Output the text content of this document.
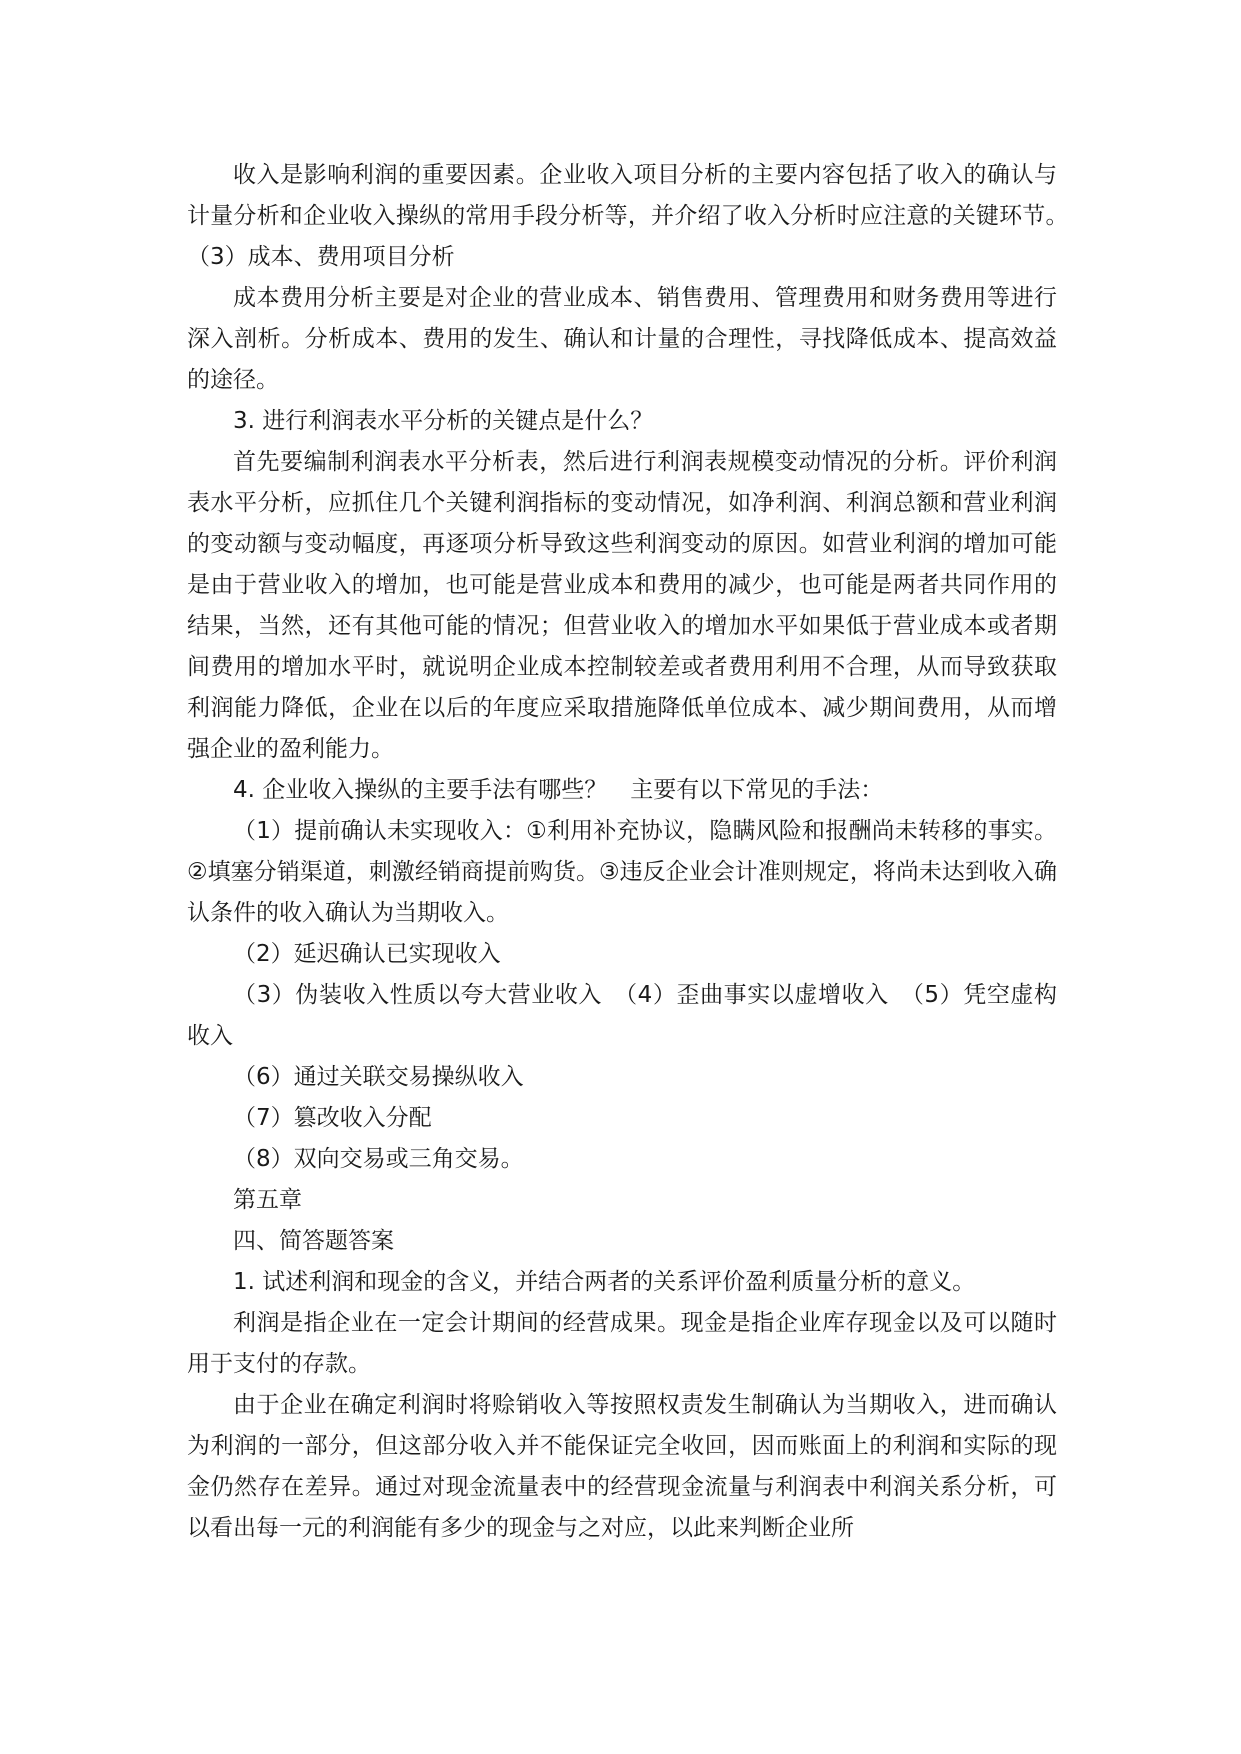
收入是影响利润的重要因素。企业收入项目分析的主要内容包括了收入的确认与计量分析和企业收入操纵的常用手段分析等，并介绍了收入分析时应注意的关键环节。　（3）成本、费用项目分析

成本费用分析主要是对企业的营业成本、销售费用、管理费用和财务费用等进行深入剖析。分析成本、费用的发生、确认和计量的合理性，寻找降低成本、提高效益的途径。

3. 进行利润表水平分析的关键点是什么？

首先要编制利润表水平分析表，然后进行利润表规模变动情况的分析。评价利润表水平分析，应抓住几个关键利润指标的变动情况，如净利润、利润总额和营业利润的变动额与变动幅度，再逐项分析导致这些利润变动的原因。如营业利润的增加可能是由于营业收入的增加，也可能是营业成本和费用的减少，也可能是两者共同作用的结果，当然，还有其他可能的情况；但营业收入的增加水平如果低于营业成本或者期间费用的增加水平时，就说明企业成本控制较差或者费用利用不合理，从而导致获取利润能力降低，企业在以后的年度应采取措施降低单位成本、减少期间费用，从而增强企业的盈利能力。

4. 企业收入操纵的主要手法有哪些？　主要有以下常见的手法：

（1）提前确认未实现收入：①利用补充协议，隐瞒风险和报酬尚未转移的事实。②填塞分销渠道，刺激经销商提前购货。③违反企业会计准则规定，将尚未达到收入确认条件的收入确认为当期收入。

（2）延迟确认已实现收入

（3）伪装收入性质以夸大营业收入　（4）歪曲事实以虚增收入　（5）凭空虚构收入

（6）通过关联交易操纵收入

（7）篡改收入分配

（8）双向交易或三角交易。

第五章

四、简答题答案

1. 试述利润和现金的含义，并结合两者的关系评价盈利质量分析的意义。

利润是指企业在一定会计期间的经营成果。现金是指企业库存现金以及可以随时用于支付的存款。

由于企业在确定利润时将赊销收入等按照权责发生制确认为当期收入，进而确认为利润的一部分，但这部分收入并不能保证完全收回，因而账面上的利润和实际的现金仍然存在差异。通过对现金流量表中的经营现金流量与利润表中利润关系分析，可以看出每一元的利润能有多少的现金与之对应，以此来判断企业所
